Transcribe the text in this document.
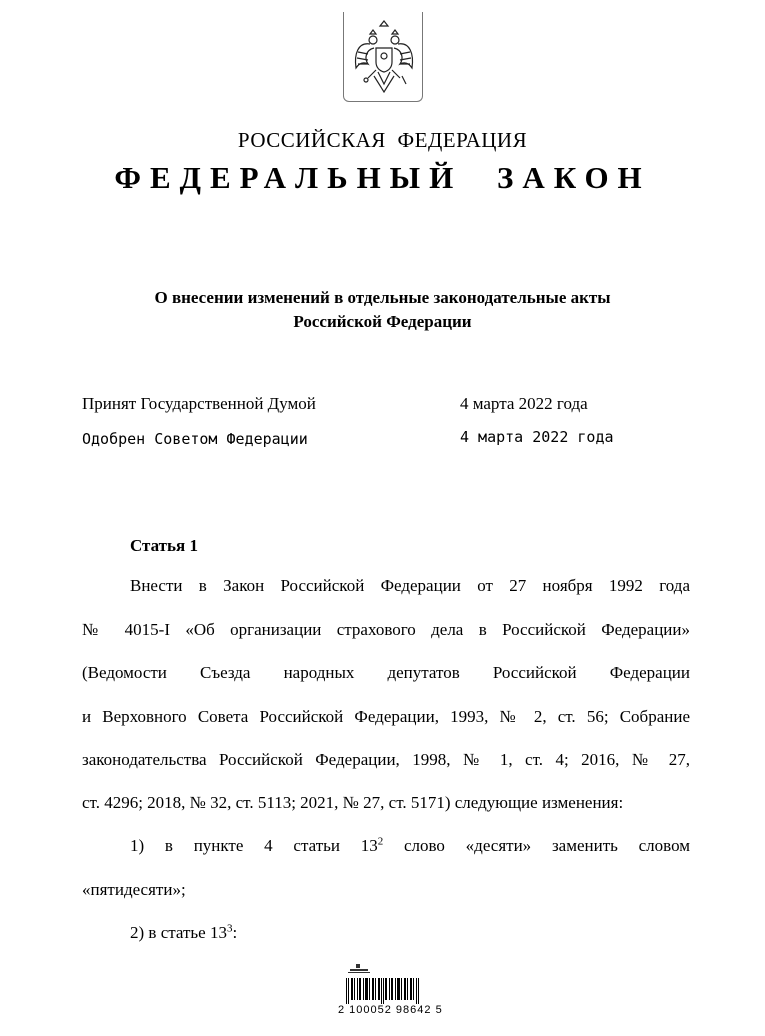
РОССИЙСКАЯ ФЕДЕРАЦИЯ
ФЕДЕРАЛЬНЫЙ ЗАКОН
О внесении изменений в отдельные законодательные акты
Российской Федерации
Принят Государственной Думой	4 марта 2022 года
Одобрен Советом Федерации	4 марта 2022 года
Статья 1
Внести в Закон Российской Федерации от 27 ноября 1992 года
№ 4015-I «Об организации страхового дела в Российской Федерации»
(Ведомости Съезда народных депутатов Российской Федерации
и Верховного Совета Российской Федерации, 1993, № 2, ст. 56; Собрание
законодательства Российской Федерации, 1998, № 1, ст. 4; 2016, № 27,
ст. 4296; 2018, № 32, ст. 5113; 2021, № 27, ст. 5171) следующие изменения:
1) в пункте 4 статьи $13^2$ слово «десяти» заменить словом
«пятидесяти»;
2) в статье $13^3$:
2 100052 98642 5
